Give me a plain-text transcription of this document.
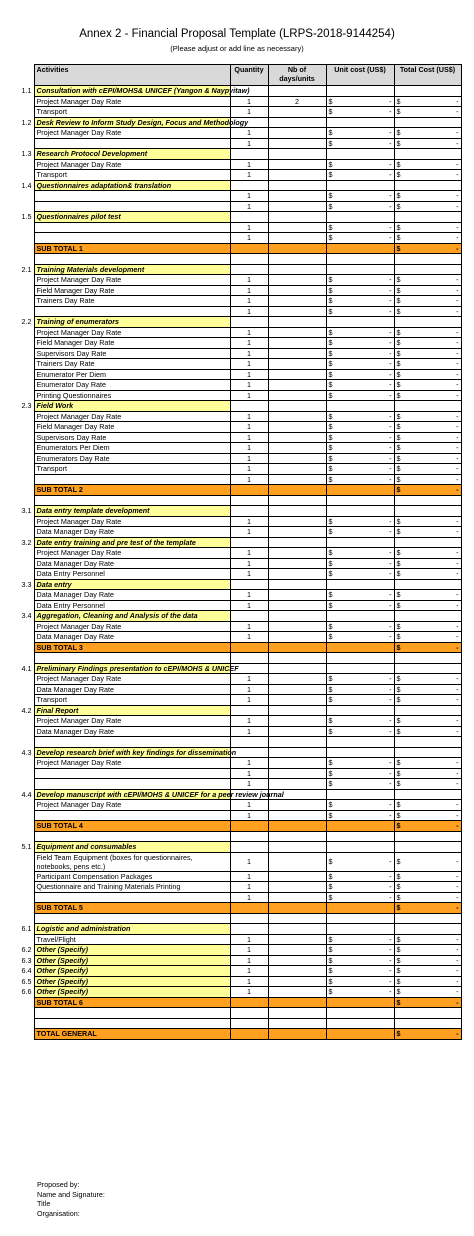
Annex 2 - Financial Proposal Template (LRPS-2018-9144254)
(Please adjust or add line as necessary)
	Activities	Quantity	Nb of days/units	Unit cost (US$)	Total Cost (US$)
1.1	Consultation with cEPI/MOHS& UNICEF (Yangon & Naypyitaw)				
	Project Manager Day Rate	1	2	$ -	$ -

	Transport	1		$ -	$ -

1.2	Desk Review to Inform Study Design, Focus and Methodology				
	Project Manager Day Rate	1		$ -	$ -

		1		$ -	$ -

1.3	Research Protocol Development				
	Project Manager Day Rate	1		$ -	$ -

	Transport	1		$ -	$ -

1.4	Questionnaires adaptation& translation				
		1		$ -	$ -

		1		$ -	$ -

1.5	Questionnaires pilot test				
		1		$ -	$ -

		1		$ -	$ -

	SUB TOTAL 1				$ -

2.1	Training Materials development				
	Project Manager Day Rate	1		$ -	$ -

	Field Manager Day Rate	1		$ -	$ -

	Trainers Day Rate	1		$ -	$ -

		1		$ -	$ -

2.2	Training of enumerators				
	Project Manager Day Rate	1		$ -	$ -

	Field Manager Day Rate	1		$ -	$ -

	Supervisors Day Rate	1		$ -	$ -

	Trainers Day Rate	1		$ -	$ -

	Enumerator Per Diem	1		$ -	$ -

	Enumerator Day Rate	1		$ -	$ -

	Printing Questionnaires	1		$ -	$ -

2.3	Field Work				
	Project Manager Day Rate	1		$ -	$ -

	Field Manager Day Rate	1		$ -	$ -

	Supervisors Day Rate	1		$ -	$ -

	Enumerators Per Diem	1		$ -	$ -

	Enumerators Day Rate	1		$ -	$ -

	Transport	1		$ -	$ -

		1		$ -	$ -

	SUB TOTAL 2				$ -

3.1	Data entry template development				
	Project Manager Day Rate	1		$ -	$ -

	Data Manager Day Rate	1		$ -	$ -

3.2	Date entry training and pre test of the template				
	Project Manager Day Rate	1		$ -	$ -

	Data Manager Day Rate	1		$ -	$ -

	Data Entry Personnel	1		$ -	$ -

3.3	Data entry				
	Data Manager Day Rate	1		$ -	$ -

	Data Entry Personnel	1		$ -	$ -

3.4	Aggregation, Cleaning and Analysis of the data				
	Project Manager Day Rate	1		$ -	$ -

	Data Manager Day Rate	1		$ -	$ -

	SUB TOTAL 3				$ -

4.1	Preliminary Findings presentation to cEPI/MOHS & UNICEF				
	Project Manager Day Rate	1		$ -	$ -

	Data Manager Day Rate	1		$ -	$ -

	Transport	1		$ -	$ -

4.2	Final Report				
	Project Manager Day Rate	1		$ -	$ -

	Data Manager Day Rate	1		$ -	$ -

4.3	Develop research brief with key findings for dissemination				
	Project Manager Day Rate	1		$ -	$ -

		1		$ -	$ -

		1		$ -	$ -

4.4	Develop manuscript with cEPI/MOHS & UNICEF for a peer review journal				
	Project Manager Day Rate	1		$ -	$ -

		1		$ -	$ -

	SUB TOTAL 4				$ -

5.1	Equipment and consumables				
	Field Team Equipment (boxes for questionnaires, notebooks, pens etc.)	1		$ -	$ -

	Participant Compensation Packages	1		$ -	$ -

	Questionnaire and Training Materials Printing	1		$ -	$ -

		1		$ -	$ -

	SUB TOTAL 5				$ -

6.1	Logistic and administration				
	Travel/Flight	1		$ -	$ -

6.2	Other (Specify)	1		$ -	$ -

6.3	Other (Specify)	1		$ -	$ -

6.4	Other (Specify)	1		$ -	$ -

6.5	Other (Specify)	1		$ -	$ -

6.6	Other (Specify)	1		$ -	$ -

	SUB TOTAL 6				$ -

	TOTAL GENERAL				$ -
Proposed by:
Name and Signature:
Title
Organisation:
